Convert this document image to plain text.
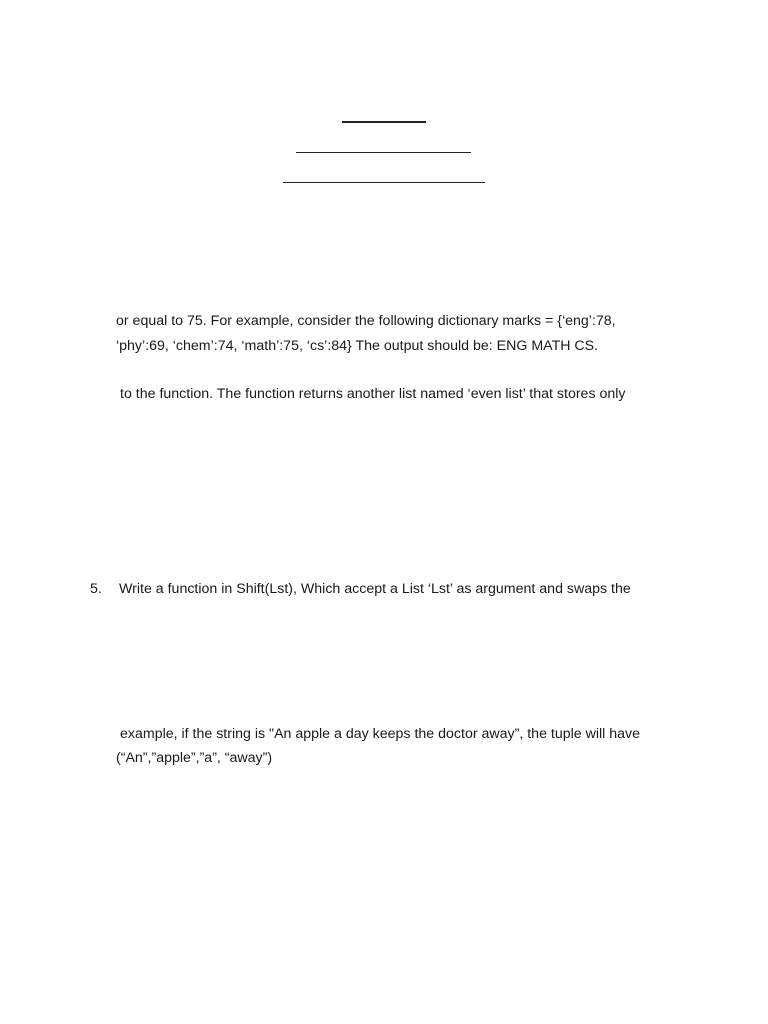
or equal to 75. For example, consider the following dictionary marks = {‘eng’:78,
‘phy’:69, ‘chem’:74, ‘math’:75, ‘cs’:84} The output should be: ENG MATH CS.
to the function. The function returns another list named ‘even list’ that stores only
5. Write a function in Shift(Lst), Which accept a List ‘Lst’ as argument and swaps the
example, if the string is "An apple a day keeps the doctor away”, the tuple will have
(“An”,”apple”,”a”, “away”)
